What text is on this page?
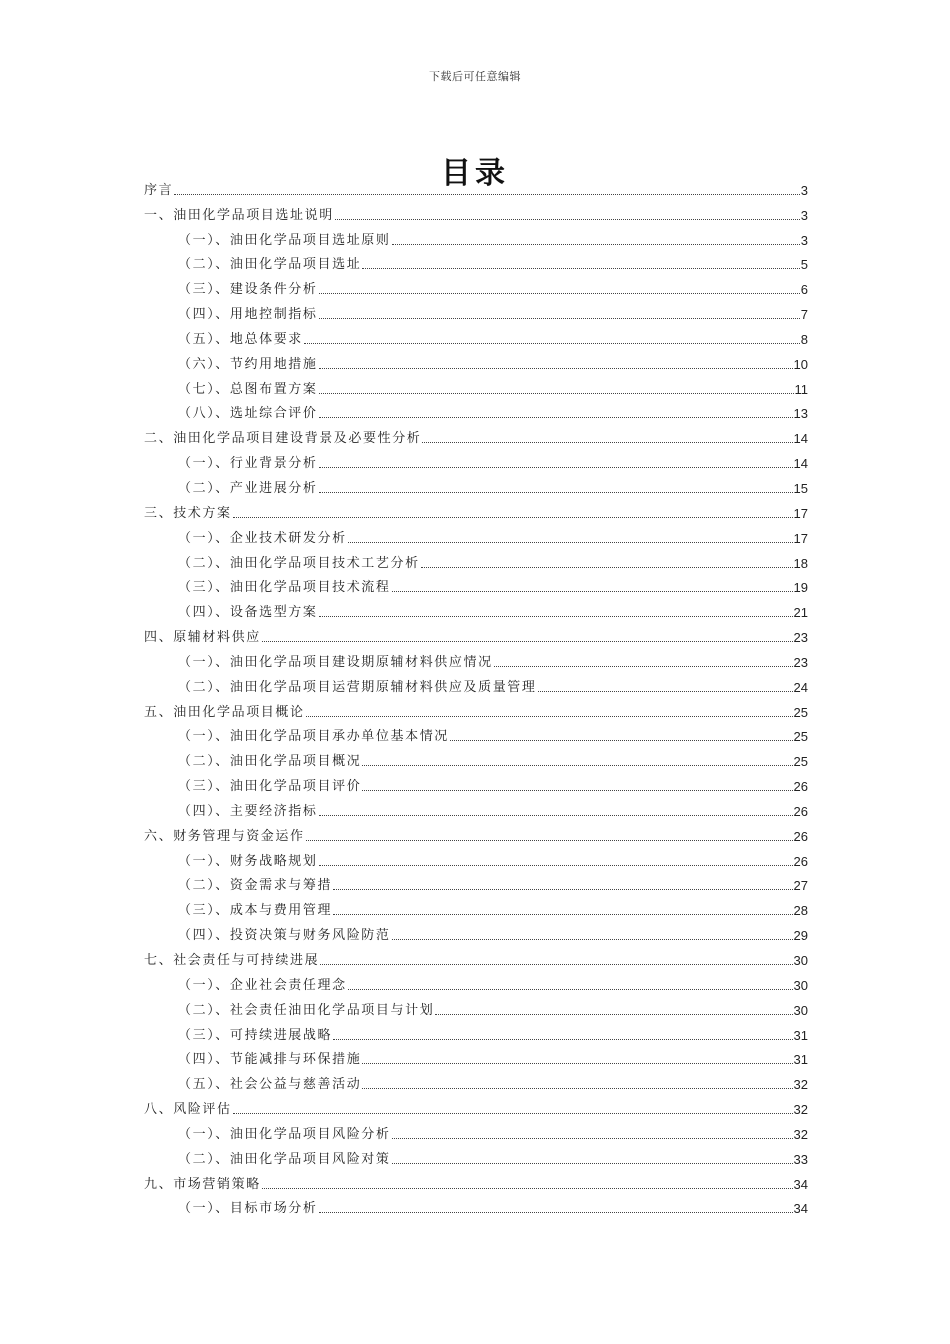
下载后可任意编辑
目录
序言	3
一、油田化学品项目选址说明	3
（一）、油田化学品项目选址原则	3
（二）、油田化学品项目选址	5
（三）、建设条件分析	6
（四）、用地控制指标	7
（五）、地总体要求	8
（六）、节约用地措施	10
（七）、总图布置方案	11
（八）、选址综合评价	13
二、油田化学品项目建设背景及必要性分析	14
（一）、行业背景分析	14
（二）、产业进展分析	15
三、技术方案	17
（一）、企业技术研发分析	17
（二）、油田化学品项目技术工艺分析	18
（三）、油田化学品项目技术流程	19
（四）、设备选型方案	21
四、原辅材料供应	23
（一）、油田化学品项目建设期原辅材料供应情况	23
（二）、油田化学品项目运营期原辅材料供应及质量管理	24
五、油田化学品项目概论	25
（一）、油田化学品项目承办单位基本情况	25
（二）、油田化学品项目概况	25
（三）、油田化学品项目评价	26
（四）、主要经济指标	26
六、财务管理与资金运作	26
（一）、财务战略规划	26
（二）、资金需求与筹措	27
（三）、成本与费用管理	28
（四）、投资决策与财务风险防范	29
七、社会责任与可持续进展	30
（一）、企业社会责任理念	30
（二）、社会责任油田化学品项目与计划	30
（三）、可持续进展战略	31
（四）、节能减排与环保措施	31
（五）、社会公益与慈善活动	32
八、风险评估	32
（一）、油田化学品项目风险分析	32
（二）、油田化学品项目风险对策	33
九、市场营销策略	34
（一）、目标市场分析	34
